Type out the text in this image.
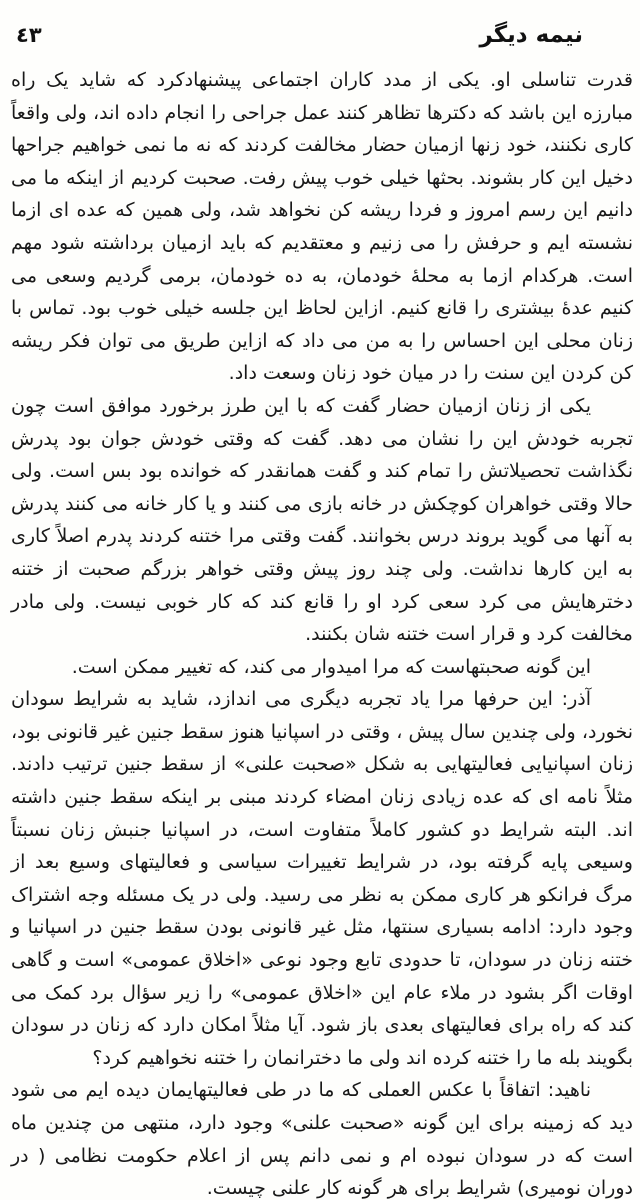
نیمه دیگر
٤٣

قدرت تناسلی او. یکی از مدد کاران اجتماعی پیشنهادکرد که شاید یک راه مبارزه این باشد که دکترها تظاهر کنند عمل جراحی را انجام داده اند، ولی واقعاً کاری نکنند، خود زنها ازمیان حضار مخالفت کردند که نه ما نمی خواهیم جراحها دخیل این کار بشوند. بحثها خیلی خوب پیش رفت. صحبت کردیم از اینکه ما می دانیم این رسم امروز و فردا ریشه کن نخواهد شد، ولی همین که عده ای ازما نشسته ایم و حرفش را می زنیم و معتقدیم که باید ازمیان برداشته شود مهم است. هرکدام ازما به محلهٔ خودمان، به ده خودمان، برمی گردیم وسعی می کنیم عدهٔ بیشتری را قانع کنیم. ازاین لحاظ این جلسه خیلی خوب بود. تماس با زنان محلی این احساس را به من می داد که ازاین طریق می توان فکر ریشه کن کردن این سنت را در میان خود زنان وسعت داد.

یکی از زنان ازمیان حضار گفت که با این طرز برخورد موافق است چون تجربه خودش این را نشان می دهد. گفت که وقتی خودش جوان بود پدرش نگذاشت تحصیلاتش را تمام کند و گفت همانقدر که خوانده بود بس است. ولی حالا وقتی خواهران کوچکش در خانه بازی می کنند و یا کار خانه می کنند پدرش به آنها می گوید بروند درس بخوانند. گفت وقتی مرا ختنه کردند پدرم اصلاً کاری به این کارها نداشت. ولی چند روز پیش وقتی خواهر بزرگم صحبت از ختنه دخترهایش می کرد سعی کرد او را قانع کند که کار خوبی نیست. ولی مادر مخالفت کرد و قرار است ختنه شان بکنند.

این گونه صحبتهاست که مرا امیدوار می کند، که تغییر ممکن است.

آذر: این حرفها مرا یاد تجربه دیگری می اندازد، شاید به شرایط سودان نخورد، ولی چندین سال پیش ، وقتی در اسپانیا هنوز سقط جنین غیر قانونی بود، زنان اسپانیایی فعالیتهایی به شکل «صحبت علنی» از سقط جنین ترتیب دادند. مثلاً نامه ای که عده زیادی زنان امضاء کردند مبنی بر اینکه سقط جنین داشته اند. البته شرایط دو کشور کاملاً متفاوت است، در اسپانیا جنبش زنان نسبتاً وسیعی پایه گرفته بود، در شرایط تغییرات سیاسی و فعالیتهای وسیع بعد از مرگ فرانکو هر کاری ممکن به نظر می رسید. ولی در یک مسئله وجه اشتراک وجود دارد: ادامه بسیاری سنتها، مثل غیر قانونی بودن سقط جنین در اسپانیا و ختنه زنان در سودان، تا حدودی تابع وجود نوعی «اخلاق عمومی» است و گاهی اوقات اگر بشود در ملاء عام این «اخلاق عمومی» را زیر سؤال برد کمک می کند که راه برای فعالیتهای بعدی باز شود. آیا مثلاً امکان دارد که زنان در سودان بگویند بله ما را ختنه کرده اند ولی ما دخترانمان را ختنه نخواهیم کرد؟

ناهید: اتفاقاً با عکس العملی که ما در طی فعالیتهایمان دیده ایم می شود دید که زمینه برای این گونه «صحبت علنی» وجود دارد، منتهی من چندین ماه است که در سودان نبوده ام و نمی دانم پس از اعلام حکومت نظامی ( در دوران نومیری) شرایط برای هر گونه کار علنی چیست.
